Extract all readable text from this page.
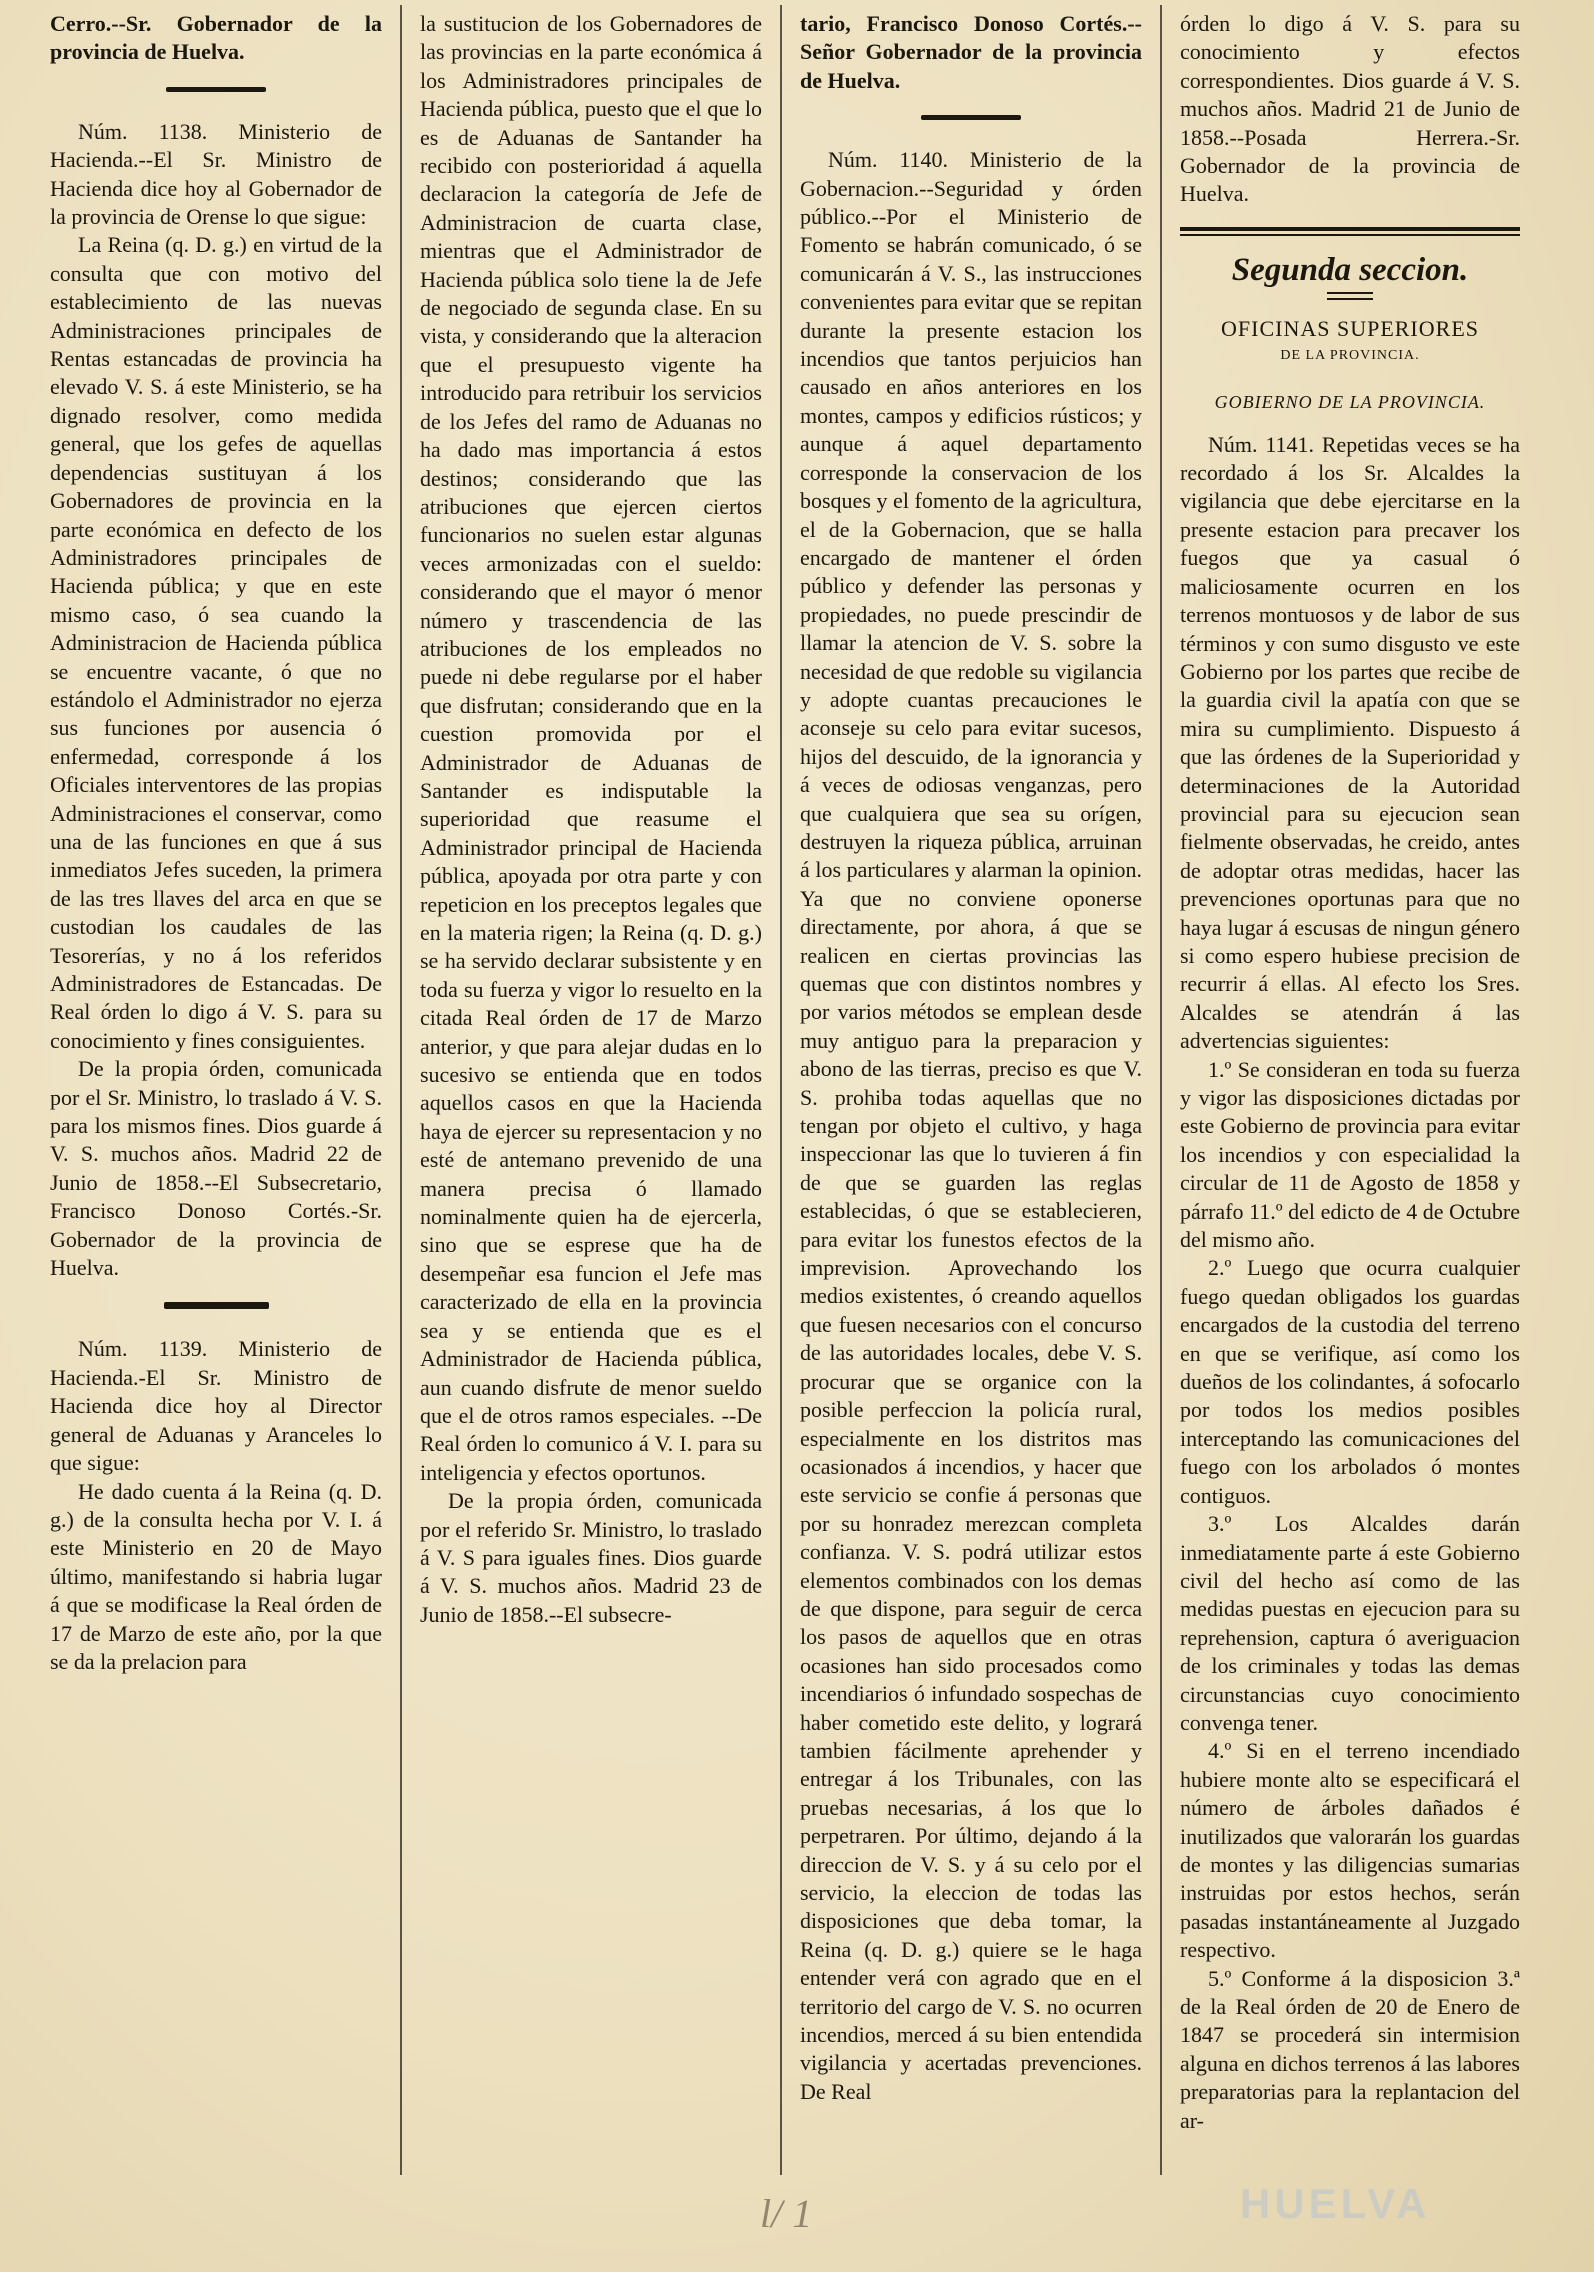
Cerro.--Sr. Gobernador de la provincia de Huelva.

Núm. 1138. Ministerio de Hacienda.--El Sr. Ministro de Hacienda dice hoy al Gobernador de la provincia de Orense lo que sigue:

La Reina (q. D. g.) en virtud de la consulta que con motivo del establecimiento de las nuevas Administraciones principales de Rentas estancadas de provincia ha elevado V. S. á este Ministerio, se ha dignado resolver, como medida general, que los gefes de aquellas dependencias sustituyan á los Gobernadores de provincia en la parte económica en defecto de los Administradores principales de Hacienda pública; y que en este mismo caso, ó sea cuando la Administracion de Hacienda pública se encuentre vacante, ó que no estándolo el Administrador no ejerza sus funciones por ausencia ó enfermedad, corresponde á los Oficiales interventores de las propias Administraciones el conservar, como una de las funciones en que á sus inmediatos Jefes suceden, la primera de las tres llaves del arca en que se custodian los caudales de las Tesorerías, y no á los referidos Administradores de Estancadas. De Real órden lo digo á V. S. para su conocimiento y fines consiguientes.

De la propia órden, comunicada por el Sr. Ministro, lo traslado á V. S. para los mismos fines. Dios guarde á V. S. muchos años. Madrid 22 de Junio de 1858.--El Subsecretario, Francisco Donoso Cortés.-Sr. Gobernador de la provincia de Huelva.

Núm. 1139. Ministerio de Hacienda.-El Sr. Ministro de Hacienda dice hoy al Director general de Aduanas y Aranceles lo que sigue:

He dado cuenta á la Reina (q. D. g.) de la consulta hecha por V. I. á este Ministerio en 20 de Mayo último, manifestando si habria lugar á que se modificase la Real órden de 17 de Marzo de este año, por la que se da la prelacion para

la sustitucion de los Gobernadores de las provincias en la parte económica á los Administradores principales de Hacienda pública, puesto que el que lo es de Aduanas de Santander ha recibido con posterioridad á aquella declaracion la categoría de Jefe de Administracion de cuarta clase, mientras que el Administrador de Hacienda pública solo tiene la de Jefe de negociado de segunda clase. En su vista, y considerando que la alteracion que el presupuesto vigente ha introducido para retribuir los servicios de los Jefes del ramo de Aduanas no ha dado mas importancia á estos destinos; considerando que las atribuciones que ejercen ciertos funcionarios no suelen estar algunas veces armonizadas con el sueldo: considerando que el mayor ó menor número y trascendencia de las atribuciones de los empleados no puede ni debe regularse por el haber que disfrutan; considerando que en la cuestion promovida por el Administrador de Aduanas de Santander es indisputable la superioridad que reasume el Administrador principal de Hacienda pública, apoyada por otra parte y con repeticion en los preceptos legales que en la materia rigen; la Reina (q. D. g.) se ha servido declarar subsistente y en toda su fuerza y vigor lo resuelto en la citada Real órden de 17 de Marzo anterior, y que para alejar dudas en lo sucesivo se entienda que en todos aquellos casos en que la Hacienda haya de ejercer su representacion y no esté de antemano prevenido de una manera precisa ó llamado nominalmente quien ha de ejercerla, sino que se esprese que ha de desempeñar esa funcion el Jefe mas caracterizado de ella en la provincia sea y se entienda que es el Administrador de Hacienda pública, aun cuando disfrute de menor sueldo que el de otros ramos especiales. --De Real órden lo comunico á V. I. para su inteligencia y efectos oportunos.

De la propia órden, comunicada por el referido Sr. Ministro, lo traslado á V. S para iguales fines. Dios guarde á V. S. muchos años. Madrid 23 de Junio de 1858.--El subsecre-

tario, Francisco Donoso Cortés.--Señor Gobernador de la provincia de Huelva.

Núm. 1140. Ministerio de la Gobernacion.--Seguridad y órden público.--Por el Ministerio de Fomento se habrán comunicado, ó se comunicarán á V. S., las instrucciones convenientes para evitar que se repitan durante la presente estacion los incendios que tantos perjuicios han causado en años anteriores en los montes, campos y edificios rústicos; y aunque á aquel departamento corresponde la conservacion de los bosques y el fomento de la agricultura, el de la Gobernacion, que se halla encargado de mantener el órden público y defender las personas y propiedades, no puede prescindir de llamar la atencion de V. S. sobre la necesidad de que redoble su vigilancia y adopte cuantas precauciones le aconseje su celo para evitar sucesos, hijos del descuido, de la ignorancia y á veces de odiosas venganzas, pero que cualquiera que sea su orígen, destruyen la riqueza pública, arruinan á los particulares y alarman la opinion. Ya que no conviene oponerse directamente, por ahora, á que se realicen en ciertas provincias las quemas que con distintos nombres y por varios métodos se emplean desde muy antiguo para la preparacion y abono de las tierras, preciso es que V. S. prohiba todas aquellas que no tengan por objeto el cultivo, y haga inspeccionar las que lo tuvieren á fin de que se guarden las reglas establecidas, ó que se establecieren, para evitar los funestos efectos de la imprevision. Aprovechando los medios existentes, ó creando aquellos que fuesen necesarios con el concurso de las autoridades locales, debe V. S. procurar que se organice con la posible perfeccion la policía rural, especialmente en los distritos mas ocasionados á incendios, y hacer que este servicio se confie á personas que por su honradez merezcan completa confianza. V. S. podrá utilizar estos elementos combinados con los demas de que dispone, para seguir de cerca los pasos de aquellos que en otras ocasiones han sido procesados como incendiarios ó infundado sospechas de haber cometido este delito, y logrará tambien fácilmente aprehender y entregar á los Tribunales, con las pruebas necesarias, á los que lo perpetraren. Por último, dejando á la direccion de V. S. y á su celo por el servicio, la eleccion de todas las disposiciones que deba tomar, la Reina (q. D. g.) quiere se le haga entender verá con agrado que en el territorio del cargo de V. S. no ocurren incendios, merced á su bien entendida vigilancia y acertadas prevenciones. De Real

órden lo digo á V. S. para su conocimiento y efectos correspondientes. Dios guarde á V. S. muchos años. Madrid 21 de Junio de 1858.--Posada Herrera.-Sr. Gobernador de la provincia de Huelva.

Segunda seccion.
OFICINAS SUPERIORES
DE LA PROVINCIA.
GOBIERNO DE LA PROVINCIA.

Núm. 1141. Repetidas veces se ha recordado á los Sr. Alcaldes la vigilancia que debe ejercitarse en la presente estacion para precaver los fuegos que ya casual ó maliciosamente ocurren en los terrenos montuosos y de labor de sus términos y con sumo disgusto ve este Gobierno por los partes que recibe de la guardia civil la apatía con que se mira su cumplimiento. Dispuesto á que las órdenes de la Superioridad y determinaciones de la Autoridad provincial para su ejecucion sean fielmente observadas, he creido, antes de adoptar otras medidas, hacer las prevenciones oportunas para que no haya lugar á escusas de ningun género si como espero hubiese precision de recurrir á ellas. Al efecto los Sres. Alcaldes se atendrán á las advertencias siguientes:

1.º Se consideran en toda su fuerza y vigor las disposiciones dictadas por este Gobierno de provincia para evitar los incendios y con especialidad la circular de 11 de Agosto de 1858 y párrafo 11.º del edicto de 4 de Octubre del mismo año.

2.º Luego que ocurra cualquier fuego quedan obligados los guardas encargados de la custodia del terreno en que se verifique, así como los dueños de los colindantes, á sofocarlo por todos los medios posibles interceptando las comunicaciones del fuego con los arbolados ó montes contiguos.

3.º Los Alcaldes darán inmediatamente parte á este Gobierno civil del hecho así como de las medidas puestas en ejecucion para su reprehension, captura ó averiguacion de los criminales y todas las demas circunstancias cuyo conocimiento convenga tener.

4.º Si en el terreno incendiado hubiere monte alto se especificará el número de árboles dañados é inutilizados que valorarán los guardas de montes y las diligencias sumarias instruidas por estos hechos, serán pasadas instantáneamente al Juzgado respectivo.

5.º Conforme á la disposicion 3.ª de la Real órden de 20 de Enero de 1847 se procederá sin intermision alguna en dichos terrenos á las labores preparatorias para la replantacion del ar-

l/ 1	HUELVA
